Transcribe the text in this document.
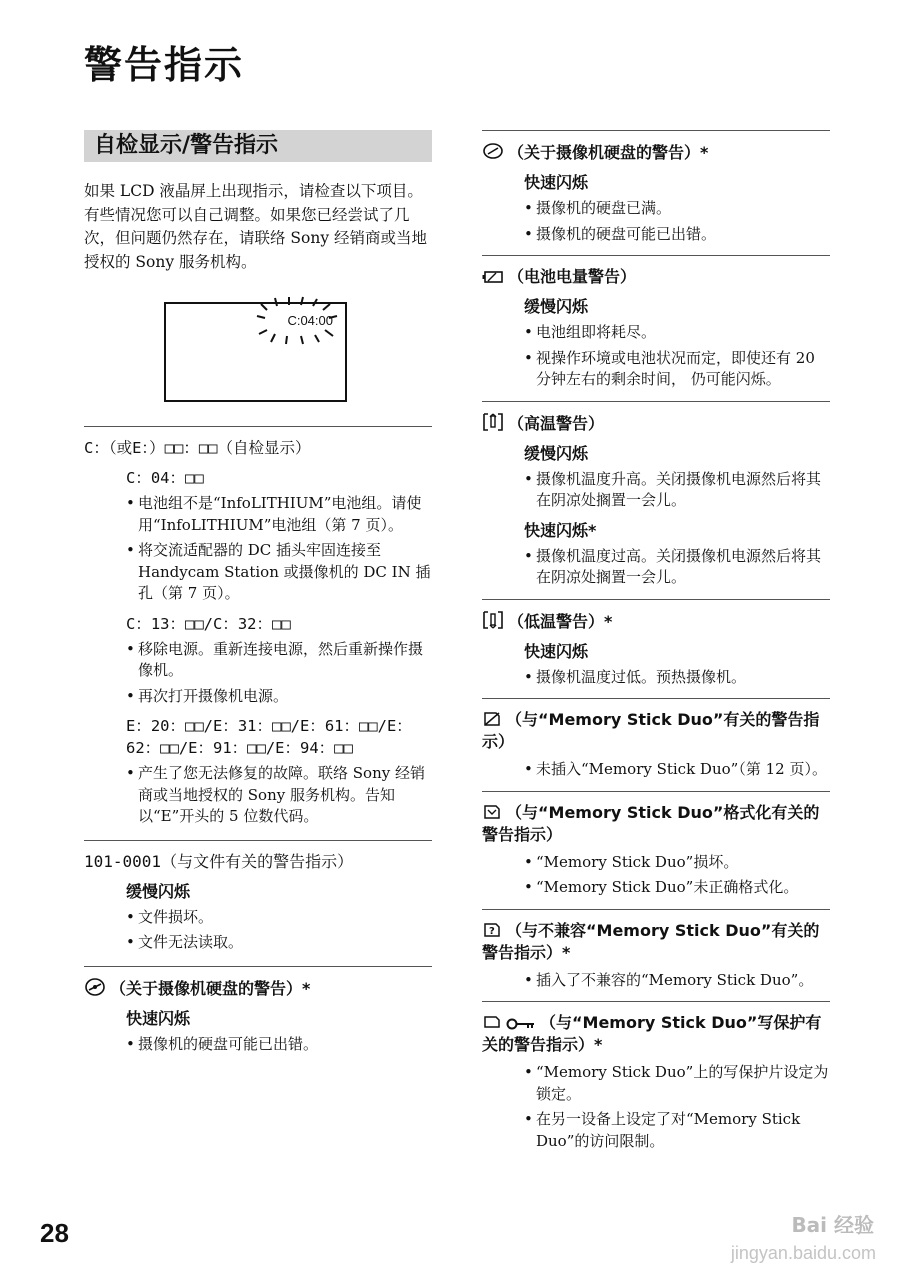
警告指示
自检显示/警告指示

如果 LCD 液晶屏上出现指示，请检查以下项目。

有些情况您可以自己调整。如果您已经尝试了几次，但问题仍然存在，请联络 Sony 经销商或当地授权的 Sony 服务机构。

C:04:00
C：（或E：）□□：□□（自检显示）
C：04：□□
• 电池组不是“InfoLITHIUM”电池组。请使用“InfoLITHIUM”电池组（第 7 页）。
• 将交流适配器的 DC 插头牢固连接至 Handycam Station 或摄像机的 DC IN 插孔（第 7 页）。
C：13：□□/C：32：□□
• 移除电源。重新连接电源，然后重新操作摄像机。
• 再次打开摄像机电源。
E：20：□□/E：31：□□/E：61：□□/E：62：□□/E：91：□□/E：94：□□
• 产生了您无法修复的故障。联络 Sony 经销商或当地授权的 Sony 服务机构。告知以“E”开头的 5 位数代码。
101-0001（与文件有关的警告指示）
缓慢闪烁
• 文件损坏。
• 文件无法读取。
（关于摄像机硬盘的警告）*
快速闪烁
• 摄像机的硬盘可能已出错。
（关于摄像机硬盘的警告）*
快速闪烁
• 摄像机的硬盘已满。
• 摄像机的硬盘可能已出错。
（电池电量警告）
缓慢闪烁
• 电池组即将耗尽。
• 视操作环境或电池状况而定，即使还有 20 分钟左右的剩余时间， 仍可能闪烁。
（高温警告）
缓慢闪烁
• 摄像机温度升高。关闭摄像机电源然后将其在阴凉处搁置一会儿。
快速闪烁*
• 摄像机温度过高。关闭摄像机电源然后将其在阴凉处搁置一会儿。
（低温警告）*
快速闪烁
• 摄像机温度过低。预热摄像机。
（与“Memory Stick Duo”有关的警告指示）
• 未插入“Memory Stick Duo”（第 12 页）。
（与“Memory Stick Duo”格式化有关的警告指示）
• “Memory Stick Duo”损坏。
• “Memory Stick Duo”未正确格式化。
? （与不兼容“Memory Stick Duo”有关的警告指示）*
• 插入了不兼容的“Memory Stick Duo”。
（与“Memory Stick Duo”写保护有关的警告指示）*
• “Memory Stick Duo”上的写保护片设定为锁定。
• 在另一设备上设定了对“Memory Stick Duo”的访问限制。
28	Bai 经验
jingyan.baidu.com
